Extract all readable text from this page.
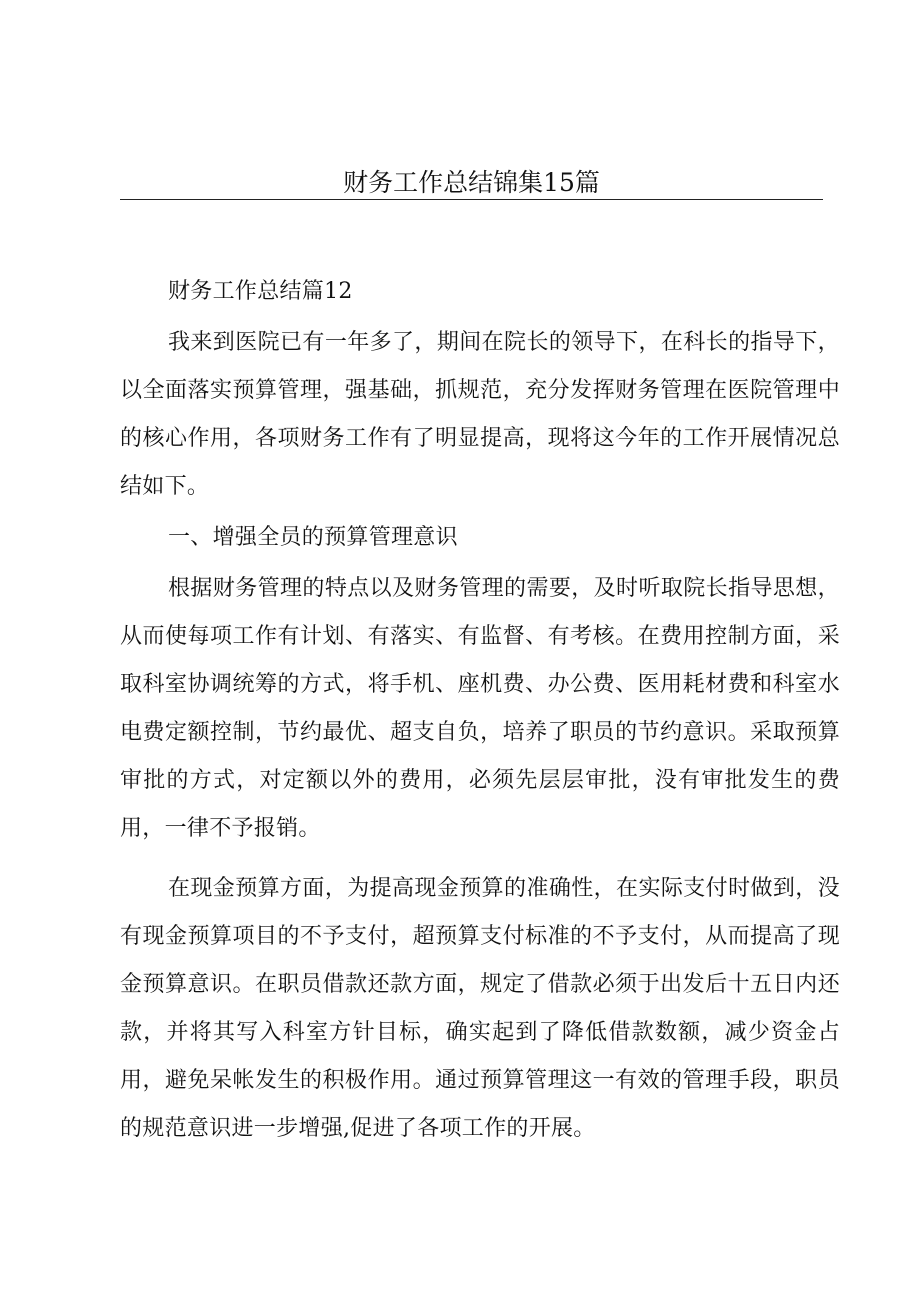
财务工作总结锦集15篇

财务工作总结篇12

我来到医院已有一年多了，期间在院长的领导下，在科长的指导下，以全面落实预算管理，强基础，抓规范，充分发挥财务管理在医院管理中的核心作用，各项财务工作有了明显提高，现将这今年的工作开展情况总结如下。

一、增强全员的预算管理意识

根据财务管理的特点以及财务管理的需要，及时听取院长指导思想，从而使每项工作有计划、有落实、有监督、有考核。在费用控制方面，采取科室协调统筹的方式，将手机、座机费、办公费、医用耗材费和科室水电费定额控制，节约最优、超支自负，培养了职员的节约意识。采取预算审批的方式，对定额以外的费用，必须先层层审批，没有审批发生的费用，一律不予报销。

在现金预算方面，为提高现金预算的准确性，在实际支付时做到，没有现金预算项目的不予支付，超预算支付标准的不予支付，从而提高了现金预算意识。在职员借款还款方面，规定了借款必须于出发后十五日内还款，并将其写入科室方针目标，确实起到了降低借款数额，减少资金占用，避免呆帐发生的积极作用。通过预算管理这一有效的管理手段，职员的规范意识进一步增强,促进了各项工作的开展。
